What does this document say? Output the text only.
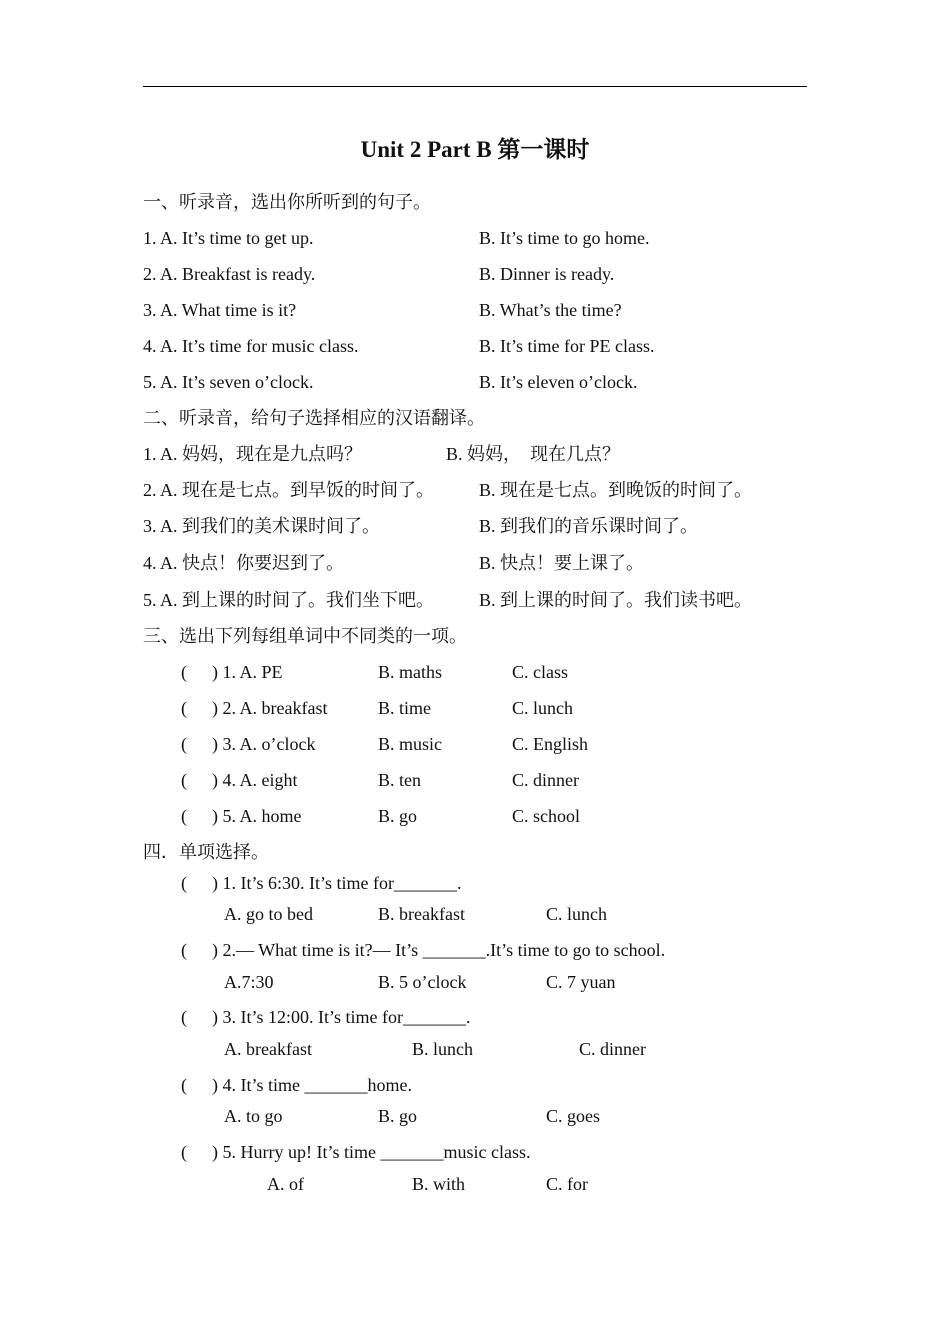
Unit 2 Part B 第一课时
一、听录音，选出你所听到的句子。
1. A. It’s time to get up.	B. It’s time to go home.
2. A. Breakfast is ready.	B. Dinner is ready.
3. A. What time is it?	B. What’s the time?
4. A. It’s time for music class.	B. It’s time for PE class.
5. A. It’s seven o’clock.	B. It’s eleven o’clock.
二、听录音，给句子选择相应的汉语翻译。
1. A. 妈妈，现在是九点吗？	B. 妈妈，  现在几点？
2. A. 现在是七点。到早饭的时间了。 B. 现在是七点。到晚饭的时间了。
3. A. 到我们的美术课时间了。	B. 到我们的音乐课时间了。
4. A. 快点！你要迟到了。	B. 快点！要上课了。
5. A. 到上课的时间了。我们坐下吧。 B. 到上课的时间了。我们读书吧。
三、选出下列每组单词中不同类的一项。
( ) 1. A. PE	B. maths	C. class
( ) 2. A. breakfast	B. time	C. lunch
( ) 3. A. o’clock	B. music	C. English
( ) 4. A. eight	B. ten	C. dinner
( ) 5. A. home	B. go	C. school
四．单项选择。
( ) 1. It’s 6:30. It’s time for_______.
A. go to bed	B. breakfast	C. lunch
( ) 2.— What time is it?— It’s _______.It’s time to go to school.
A.7:30	B. 5 o’clock	C. 7 yuan
( ) 3. It’s 12:00. It’s time for_______.
A. breakfast	B. lunch	C. dinner
( ) 4. It’s time _______home.
A. to go	B. go	C. goes
( ) 5. Hurry up! It’s time _______music class.
A. of	B. with	C. for
